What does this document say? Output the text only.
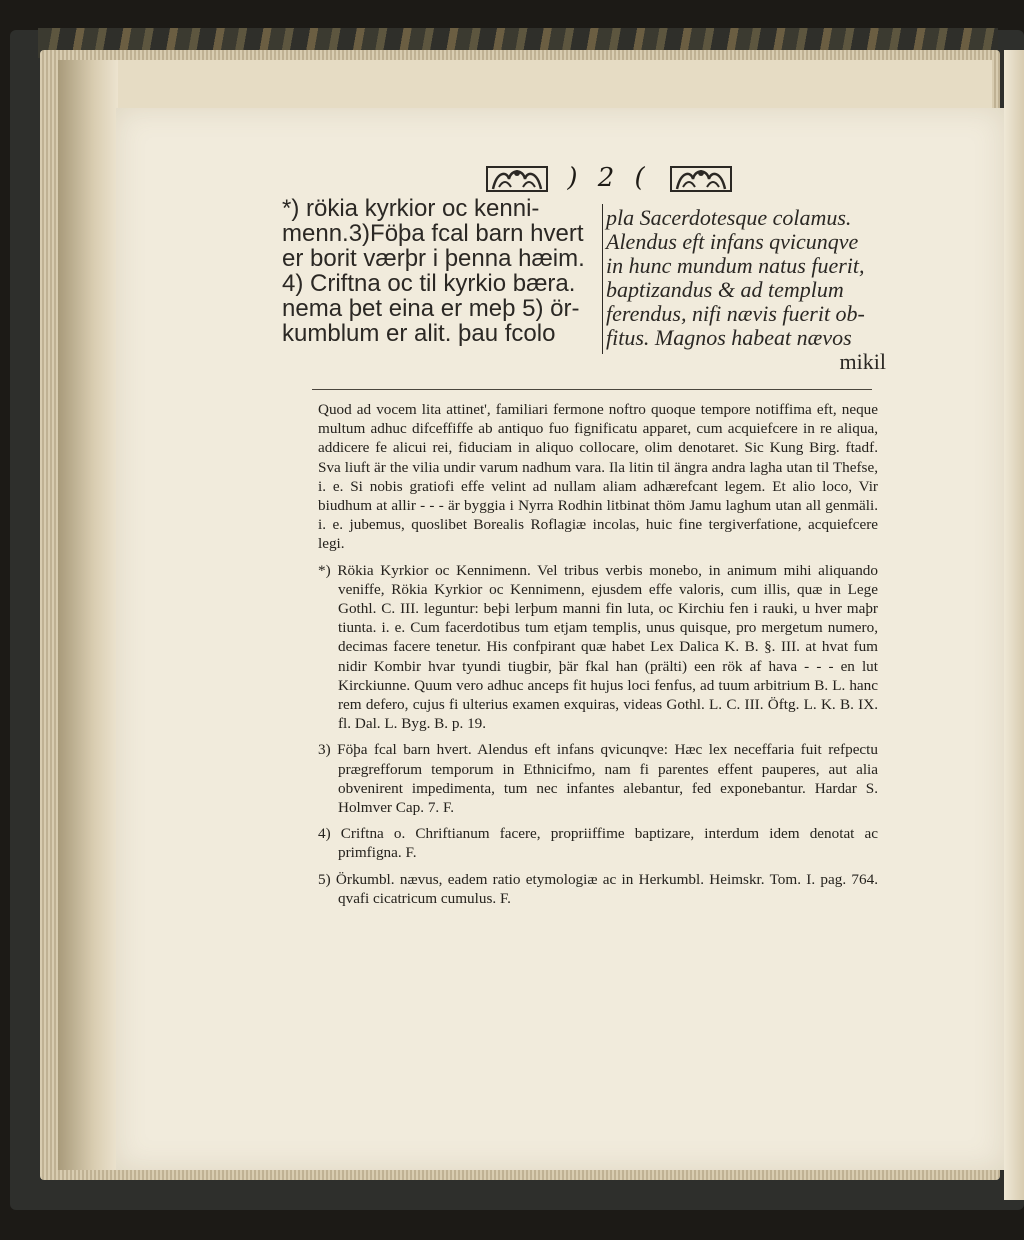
) 2 (
*) rökia kyrkior oc kenni-
menn.3)Föþa fcal barn hvert
er borit værþr i þenna hæim.
4) Criftna oc til kyrkio bæra.
nema þet eina er meþ 5) ör-
kumblum er alit. þau fcolo
pla Sacerdotesque colamus.
Alendus eft infans qvicunqve
in hunc mundum natus fuerit,
baptizandus & ad templum
ferendus, nifi nævis fuerit ob-
fitus. Magnos habeat nævos
mikil

Quod ad vocem lita attinet', familiari fermone noftro quoque tempore notiffima eft, neque multum adhuc difceffiffe ab antiquo fuo fignificatu apparet, cum acquiefcere in re aliqua, addicere fe alicui rei, fiduciam in aliquo collocare, olim denotaret. Sic Kung Birg. ftadf. Sva liuft är the vilia undir varum nadhum vara. Ila litin til ängra andra lagha utan til Thefse, i. e. Si nobis gratiofi effe velint ad nullam aliam adhærefcant legem. Et alio loco, Vir biudhum at allir - - - är byggia i Nyrra Rodhin litbinat thöm Jamu laghum utan all genmäli. i. e. jubemus, quoslibet Borealis Roflagiæ incolas, huic fine tergiverfatione, acquiefcere legi.

*) Rökia Kyrkior oc Kennimenn. Vel tribus verbis monebo, in animum mihi aliquando veniffe, Rökia Kyrkior oc Kennimenn, ejusdem effe valoris, cum illis, quæ in Lege Gothl. C. III. leguntur: beþi lerþum manni fin luta, oc Kirchiu fen i rauki, u hver maþr tiunta. i. e. Cum facerdotibus tum etjam templis, unus quisque, pro mergetum numero, decimas facere tenetur. His confpirant quæ habet Lex Dalica K. B. §. III. at hvat fum nidir Kombir hvar tyundi tiugbir, þär fkal han (prälti) een rök af hava - - - en lut Kirckiunne. Quum vero adhuc anceps fit hujus loci fenfus, ad tuum arbitrium B. L. hanc rem defero, cujus fi ulterius examen exquiras, videas Gothl. L. C. III. Öftg. L. K. B. IX. fl. Dal. L. Byg. B. p. 19.

3) Föþa fcal barn hvert. Alendus eft infans qvicunqve: Hæc lex neceffaria fuit refpectu prægrefforum temporum in Ethnicifmo, nam fi parentes effent pauperes, aut alia obvenirent impedimenta, tum nec infantes alebantur, fed exponebantur. Hardar S. Holmver Cap. 7. F.

4) Criftna o. Chriftianum facere, propriiffime baptizare, interdum idem denotat ac primfigna. F.

5) Örkumbl. nævus, eadem ratio etymologiæ ac in Herkumbl. Heimskr. Tom. I. pag. 764. qvafi cicatricum cumulus. F.
